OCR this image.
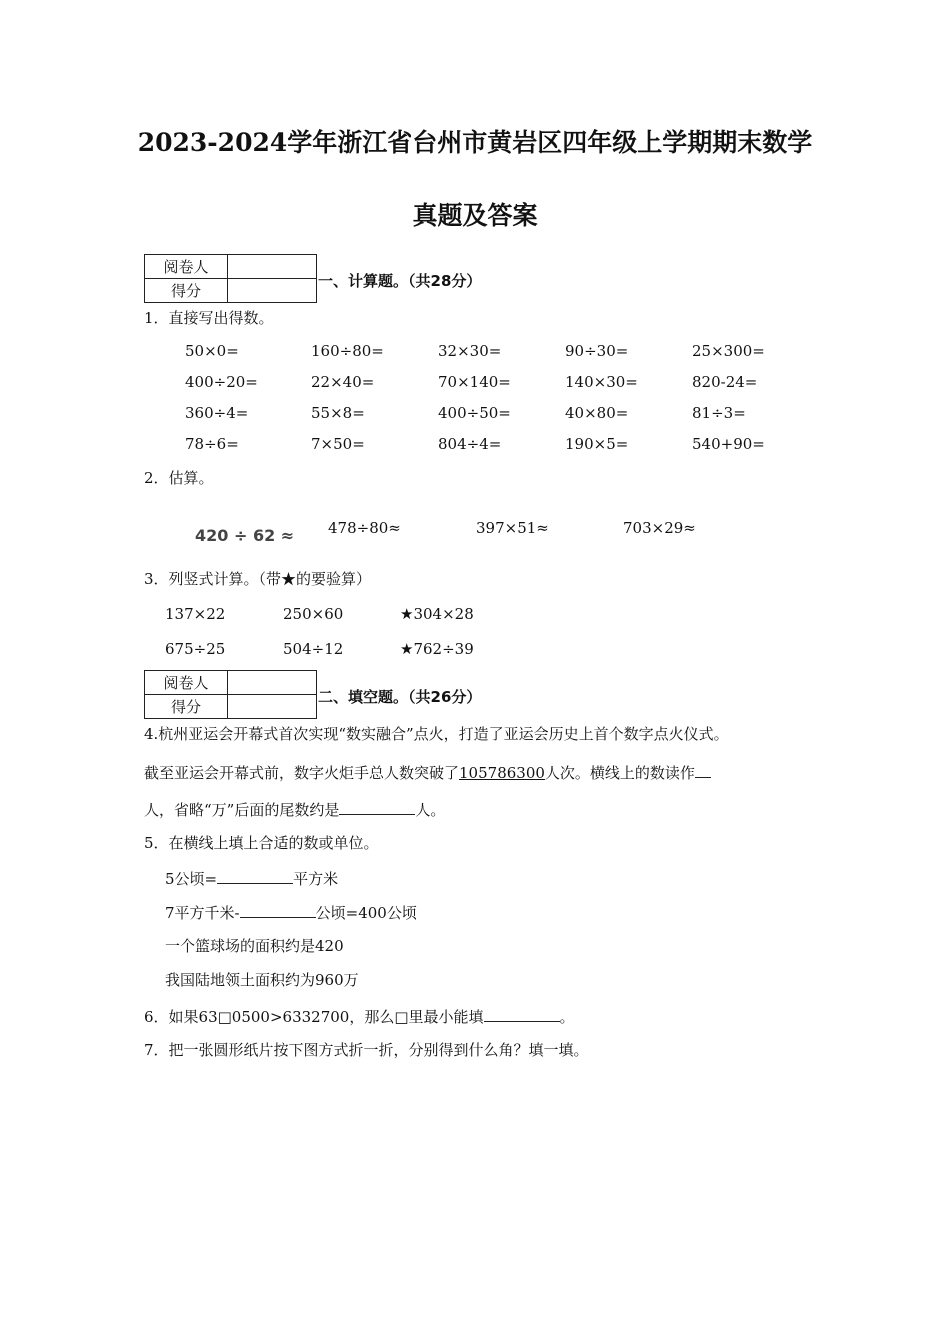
2023-2024学年浙江省台州市黄岩区四年级上学期期末数学
真题及答案
阅卷人	
得分	
一、计算题。（共28分）
1．直接写出得数。
50×0=	160÷80=	32×30=	90÷30=	25×300=
400÷20=	22×40=	70×140=	140×30=	820-24=
360÷4=	55×8=	400÷50=	40×80=	81÷3=
78÷6=	7×50=	804÷4=	190×5=	540+90=
2．估算。
420 ÷ 62 ≈ 478÷80≈	397×51≈	703×29≈
3．列竖式计算。（带★的要验算）
137×22	250×60	★304×28
675÷25	504÷12	★762÷39
阅卷人	
得分	
二、填空题。（共26分）
4.杭州亚运会开幕式首次实现“数实融合”点火，打造了亚运会历史上首个数字点火仪式。
截至亚运会开幕式前，数字火炬手总人数突破了105786300人次。横线上的数读作
人，省略“万”后面的尾数约是	人。
5．在横线上填上合适的数或单位。
5公顷=	平方米
7平方千米-	公顷=400公顷
一个篮球场的面积约是420
我国陆地领土面积约为960万
6．如果63□0500>6332700，那么□里最小能填	。
7．把一张圆形纸片按下图方式折一折，分别得到什么角？填一填。
